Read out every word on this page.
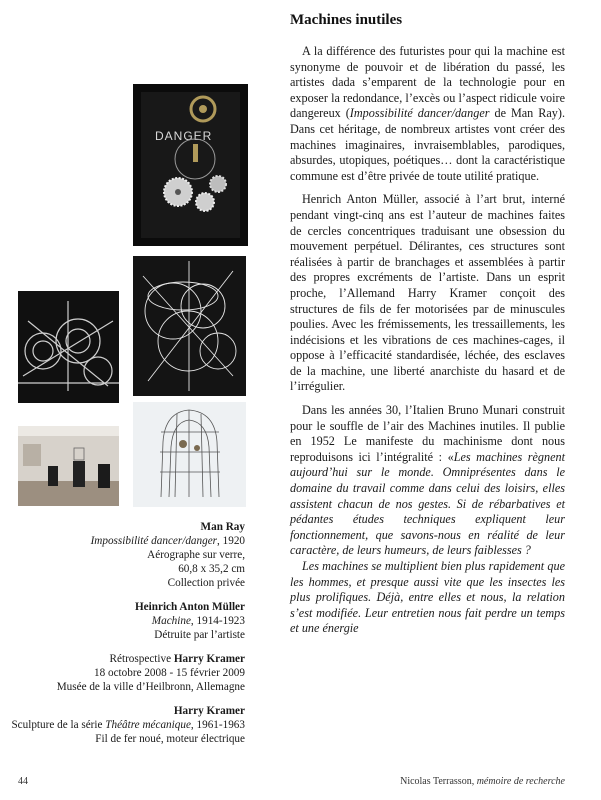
Machines inutiles

A la différence des futuristes pour qui la machine est synonyme de pouvoir et de libération du passé, les artistes dada s’emparent de la technologie pour en exposer la redondance, l’excès ou l’aspect ridicule voire dangereux (Impossibilité dancer/danger de Man Ray). Dans cet héritage, de nombreux artistes vont créer des machines imaginaires, invraisemblables, parodiques, absurdes, utopiques, poétiques… dont la caractéristique commune est d’être privée de toute utilité pratique.

Henrich Anton Müller, associé à l’art brut, interné pendant vingt-cinq ans est l’auteur de machines faites de cercles concentriques traduisant une obsession du mouvement perpétuel. Délirantes, ces structures sont réalisées à partir de branchages et assemblées à partir des propres excréments de l’artiste. Dans un esprit proche, l’Allemand Harry Kramer conçoit des structures de fils de fer motorisées par de minuscules poulies. Avec les frémissements, les tressaillements, les indécisions et les vibrations de ces machines-cages, il oppose à l’efficacité standardisée, léchée, des esclaves de la machine, une liberté anarchiste du hasard et de l’irrégulier.

Dans les années 30, l’Italien Bruno Munari construit pour le souffle de l’air des Machines inutiles. Il publie en 1952 Le manifeste du machinisme dont nous reproduisons ici l’intégralité : «Les machines règnent aujourd’hui sur le monde. Omniprésentes dans le domaine du travail comme dans celui des loisirs, elles assistent chacun de nos gestes. Si de rébarbatives et pédantes études techniques expliquent leur fonctionnement, que savons-nous en réalité de leur caractère, de leurs humeurs, de leurs faiblesses ?

Les machines se multiplient bien plus rapidement que les hommes, et presque aussi vite que les insectes les plus prolifiques. Déjà, entre elles et nous, la relation s’est modifiée. Leur entretien nous fait perdre un temps et une énergie

DANGER
Man Ray
Impossibilité dancer/danger, 1920
Aérographe sur verre,
60,8 x 35,2 cm
Collection privée
Heinrich Anton Müller
Machine, 1914-1923
Détruite par l’artiste
Rétrospective Harry Kramer
18 octobre 2008 - 15 février 2009
Musée de la ville d’Heilbronn, Allemagne
Harry Kramer
Sculpture de la série Théâtre mécanique, 1961-1963
Fil de fer noué, moteur électrique
44	Nicolas Terrasson, mémoire de recherche
